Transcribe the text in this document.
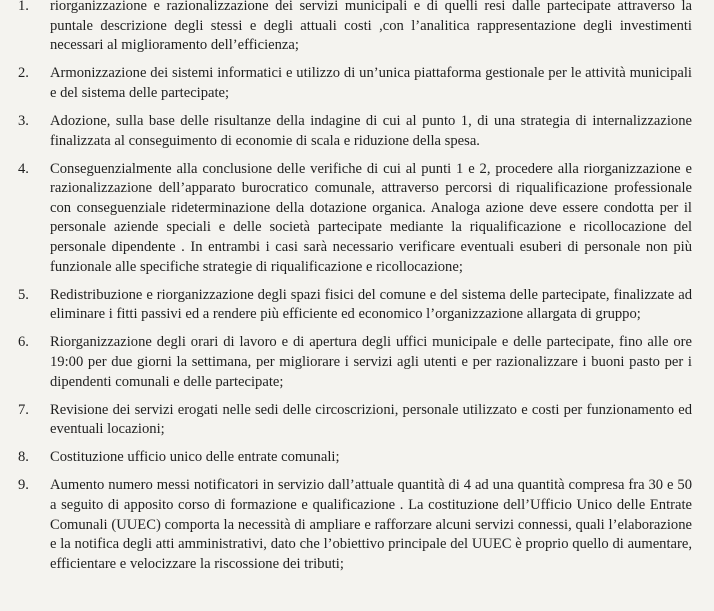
1.	riorganizzazione e razionalizzazione dei servizi municipali e di quelli resi dalle partecipate attraverso la puntale descrizione degli stessi e degli attuali costi ,con l’analitica rappresentazione degli investimenti necessari al miglioramento dell’efficienza;
2.	Armonizzazione dei sistemi informatici e utilizzo di un’unica piattaforma gestionale per le attività municipali e del sistema delle partecipate;
3.	Adozione, sulla base delle risultanze della indagine di cui al punto 1, di una strategia di internalizzazione finalizzata al conseguimento di economie di scala e riduzione della spesa.
4.	Conseguenzialmente alla conclusione delle verifiche di cui al punti 1 e 2, procedere alla riorganizzazione e razionalizzazione dell’apparato burocratico comunale, attraverso percorsi di riqualificazione professionale con conseguenziale rideterminazione della dotazione organica. Analoga azione deve essere condotta per il personale aziende speciali e delle società partecipate mediante la riqualificazione e ricollocazione del personale dipendente . In entrambi i casi sarà necessario verificare eventuali esuberi di personale non più funzionale alle specifiche strategie di riqualificazione e ricollocazione;
5.	Redistribuzione e riorganizzazione degli spazi fisici del comune e del sistema delle partecipate, finalizzate ad eliminare i fitti passivi ed a rendere più efficiente ed economico l’organizzazione allargata di gruppo;
6.	Riorganizzazione degli orari di lavoro e di apertura degli uffici municipale e delle partecipate, fino alle ore 19:00 per due giorni la settimana, per migliorare i servizi agli utenti e per razionalizzare i buoni pasto per i dipendenti comunali e delle partecipate;
7.	Revisione dei servizi erogati nelle sedi delle circoscrizioni, personale utilizzato e costi per funzionamento ed eventuali locazioni;
8.	Costituzione ufficio unico delle entrate comunali;
9.	Aumento numero messi notificatori in servizio dall’attuale quantità di 4 ad una quantità compresa fra 30 e 50 a seguito di apposito corso di formazione e qualificazione . La costituzione dell’Ufficio Unico delle Entrate Comunali (UUEC) comporta la necessità di ampliare e rafforzare alcuni servizi connessi, quali l’elaborazione e la notifica degli atti amministrativi, dato che l’obiettivo principale del UUEC è proprio quello di aumentare, efficientare e velocizzare la riscossione dei tributi;
